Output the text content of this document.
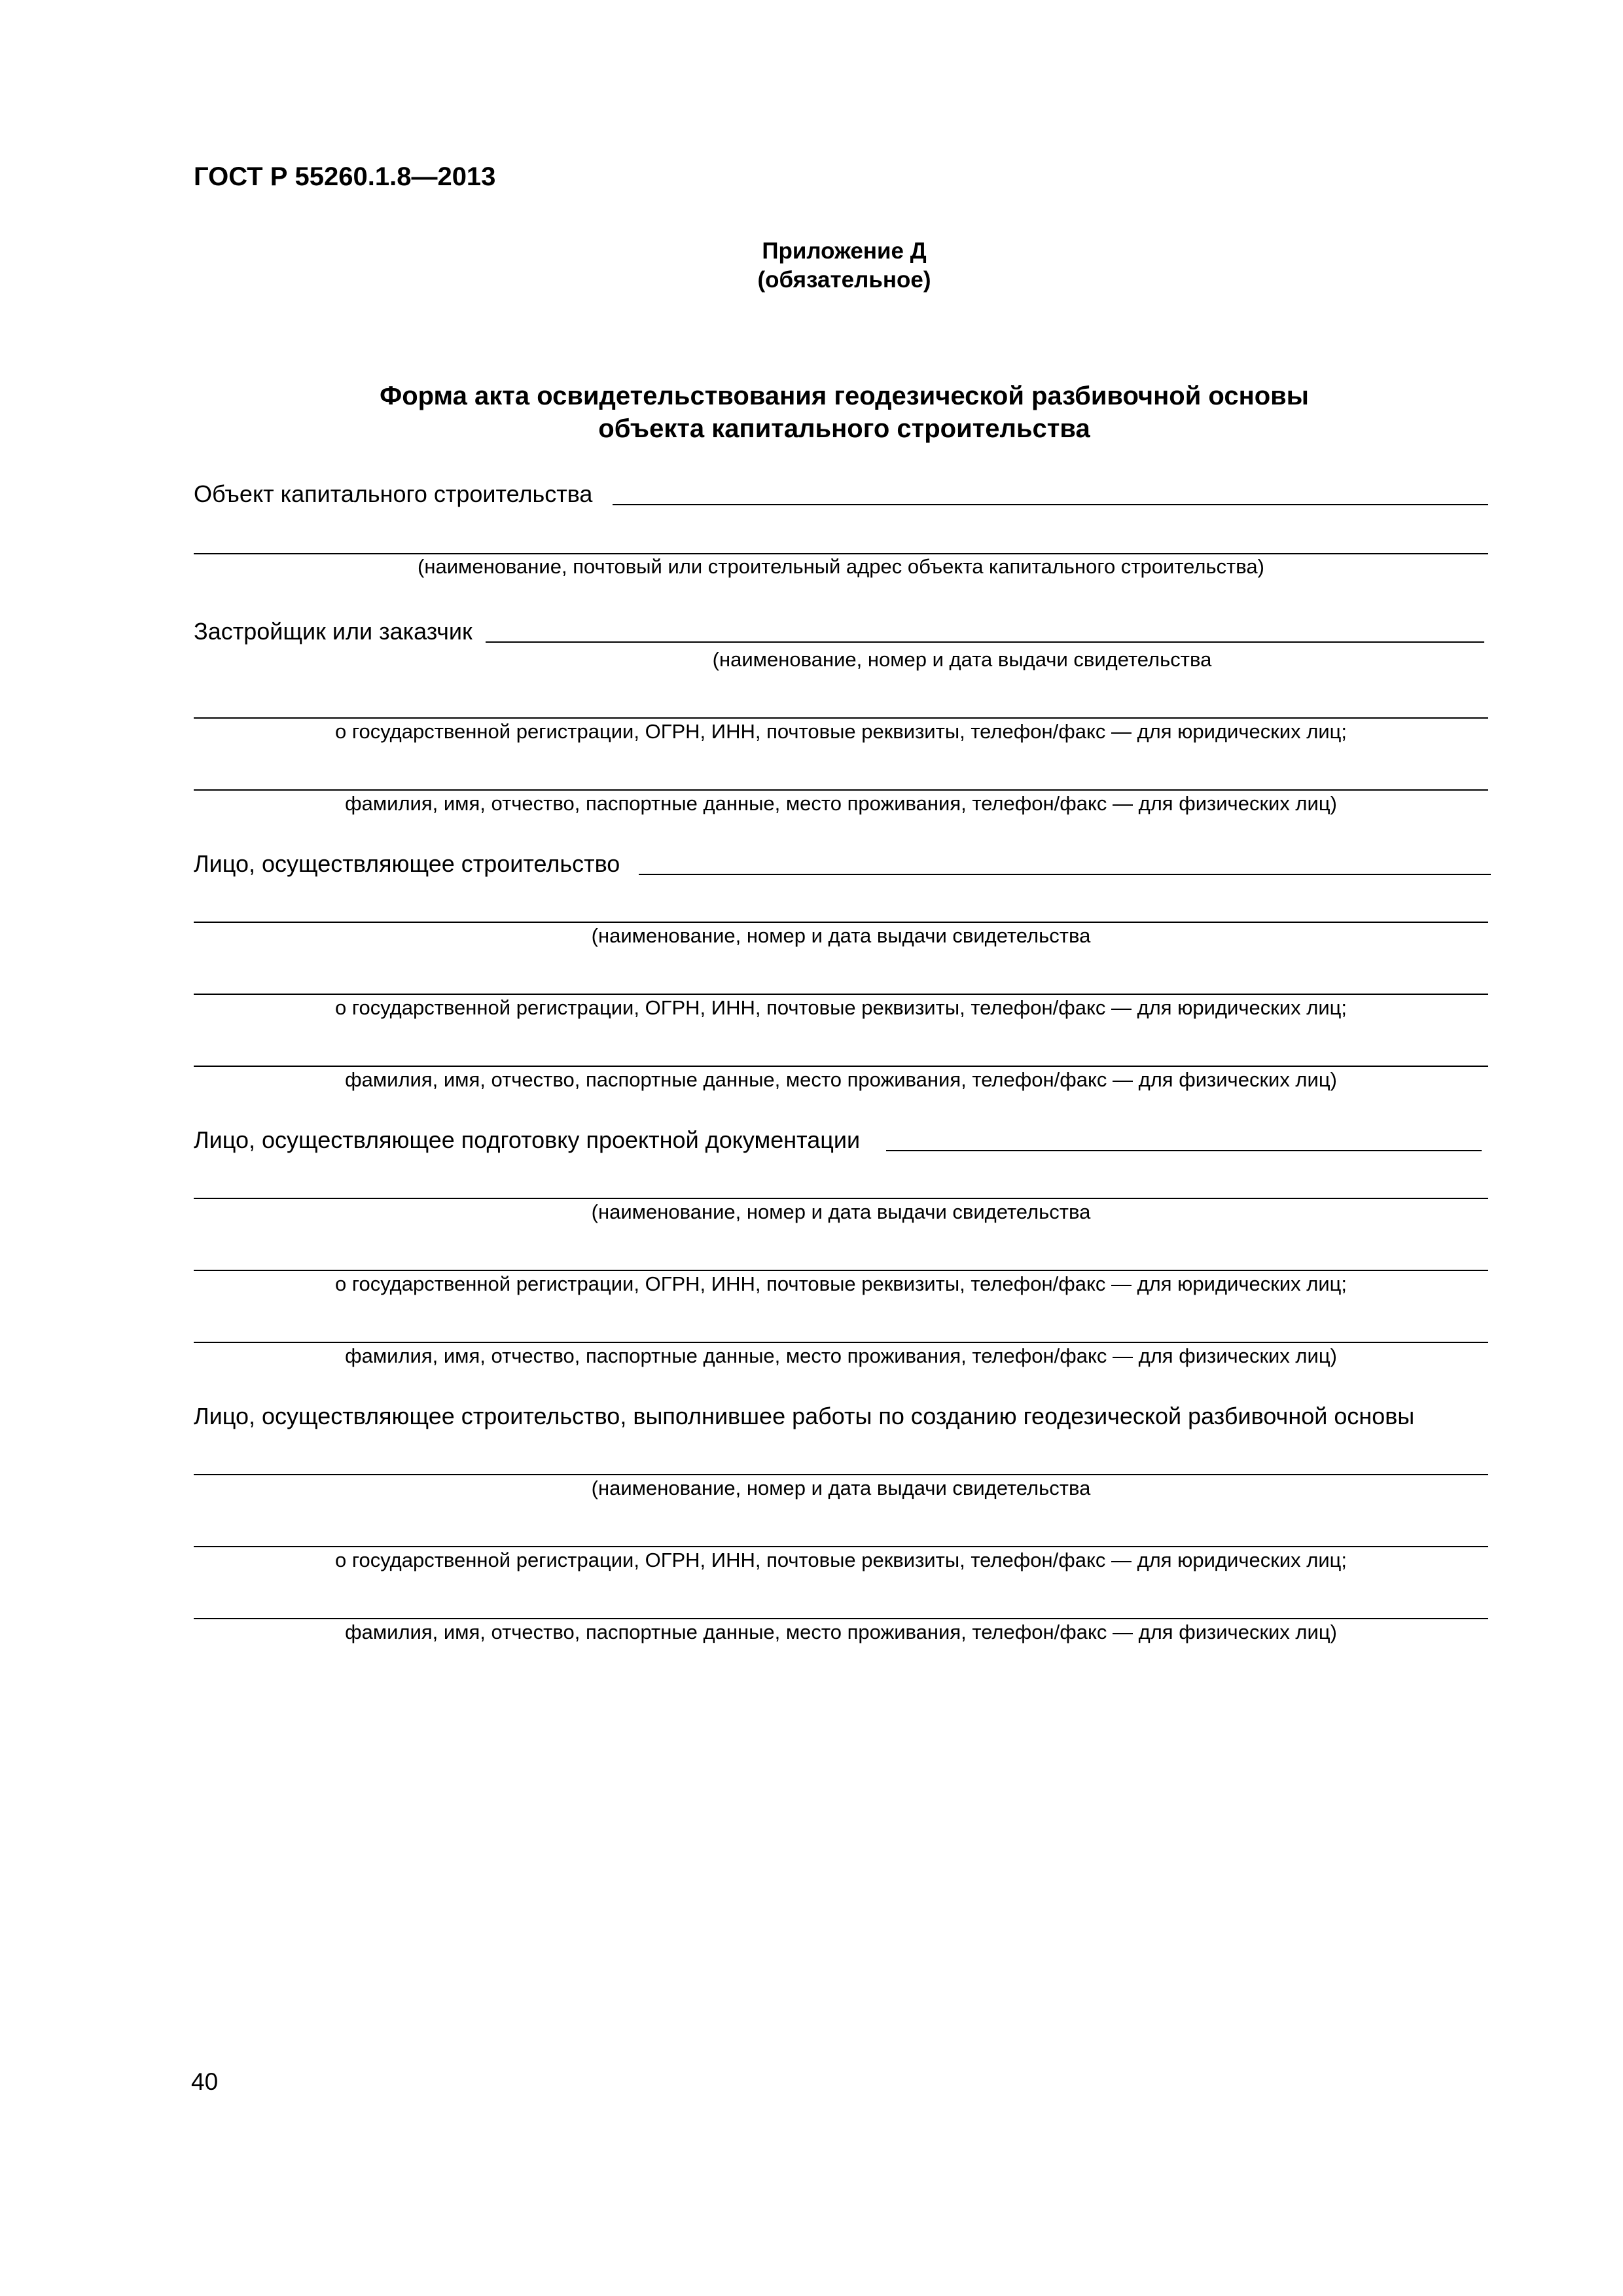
ГОСТ Р 55260.1.8—2013
Приложение Д
(обязательное)
Форма акта освидетельствования геодезической разбивочной основы
объекта капитального строительства
Объект капитального строительства
(наименование, почтовый или строительный адрес объекта капитального строительства)
Застройщик или заказчик
(наименование, номер и дата выдачи свидетельства
о государственной регистрации, ОГРН, ИНН, почтовые реквизиты, телефон/факс — для юридических лиц;
фамилия, имя, отчество, паспортные данные, место проживания, телефон/факс — для физических лиц)
Лицо, осуществляющее строительство
(наименование, номер и дата выдачи свидетельства
о государственной регистрации, ОГРН, ИНН, почтовые реквизиты, телефон/факс — для юридических лиц;
фамилия, имя, отчество, паспортные данные, место проживания, телефон/факс — для физических лиц)
Лицо, осуществляющее подготовку проектной документации
(наименование, номер и дата выдачи свидетельства
о государственной регистрации, ОГРН, ИНН, почтовые реквизиты, телефон/факс — для юридических лиц;
фамилия, имя, отчество, паспортные данные, место проживания, телефон/факс — для физических лиц)
Лицо, осуществляющее строительство, выполнившее работы по созданию геодезической разбивочной основы
(наименование, номер и дата выдачи свидетельства
о государственной регистрации, ОГРН, ИНН, почтовые реквизиты, телефон/факс — для юридических лиц;
фамилия, имя, отчество, паспортные данные, место проживания, телефон/факс — для физических лиц)
40
